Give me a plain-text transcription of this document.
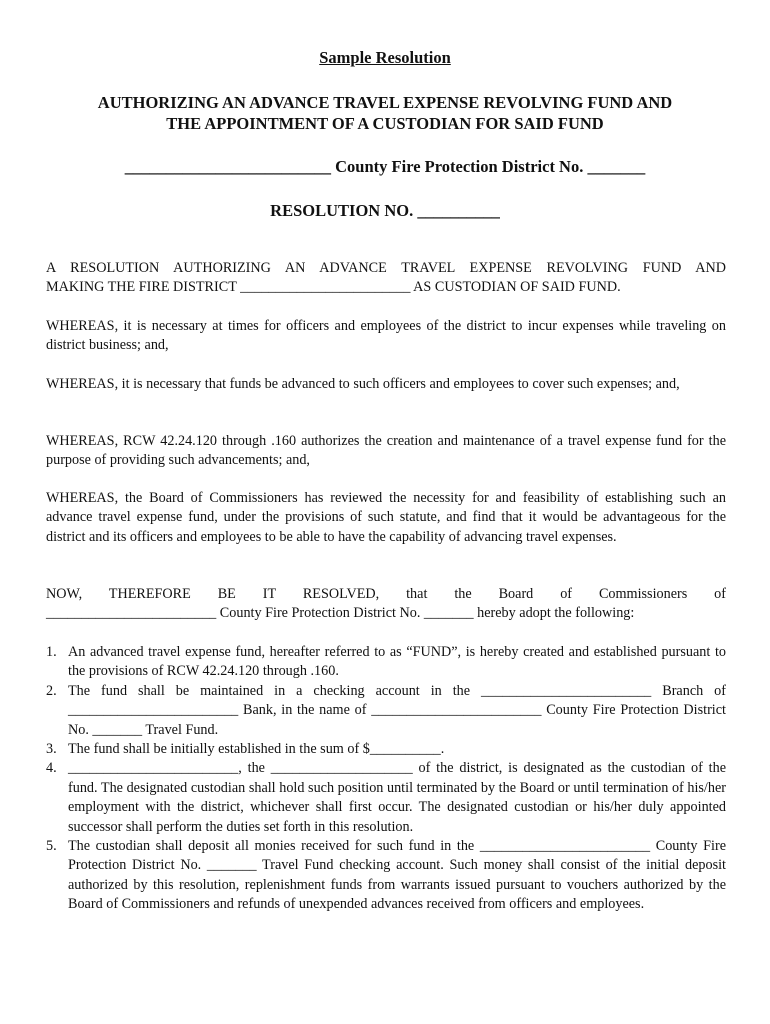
Sample Resolution
AUTHORIZING AN ADVANCE TRAVEL EXPENSE REVOLVING FUND AND
THE APPOINTMENT OF A CUSTODIAN FOR SAID FUND
_________________________ County Fire Protection District No. _______
RESOLUTION NO. __________
A RESOLUTION AUTHORIZING AN ADVANCE TRAVEL EXPENSE REVOLVING FUND AND
MAKING THE FIRE DISTRICT ________________________ AS CUSTODIAN OF SAID FUND.
WHEREAS, it is necessary at times for officers and employees of the district to incur expenses while traveling on district business; and,
WHEREAS, it is necessary that funds be advanced to such officers and employees to cover such expenses; and,
WHEREAS, RCW 42.24.120 through .160 authorizes the creation and maintenance of a travel expense fund for the purpose of providing such advancements; and,
WHEREAS, the Board of Commissioners has reviewed the necessity for and feasibility of establishing such an advance travel expense fund, under the provisions of such statute, and find that it would be advantageous for the district and its officers and employees to be able to have the capability of advancing travel expenses.
NOW, THEREFORE BE IT RESOLVED, that the Board of Commissioners of
________________________ County Fire Protection District No. _______ hereby adopt the following:
1. An advanced travel expense fund, hereafter referred to as “FUND”, is hereby created and established pursuant to the provisions of RCW 42.24.120 through .160.
2. The fund shall be maintained in a checking account in the ________________________ Branch of ________________________ Bank, in the name of ________________________ County Fire Protection District No. _______ Travel Fund.
3. The fund shall be initially established in the sum of $__________.
4. ________________________, the ____________________ of the district, is designated as the custodian of the fund. The designated custodian shall hold such position until terminated by the Board or until termination of his/her employment with the district, whichever shall first occur. The designated custodian or his/her duly appointed successor shall perform the duties set forth in this resolution.
5. The custodian shall deposit all monies received for such fund in the ________________________ County Fire Protection District No. _______ Travel Fund checking account. Such money shall consist of the initial deposit authorized by this resolution, replenishment funds from warrants issued pursuant to vouchers authorized by the Board of Commissioners and refunds of unexpended advances received from officers and employees.
